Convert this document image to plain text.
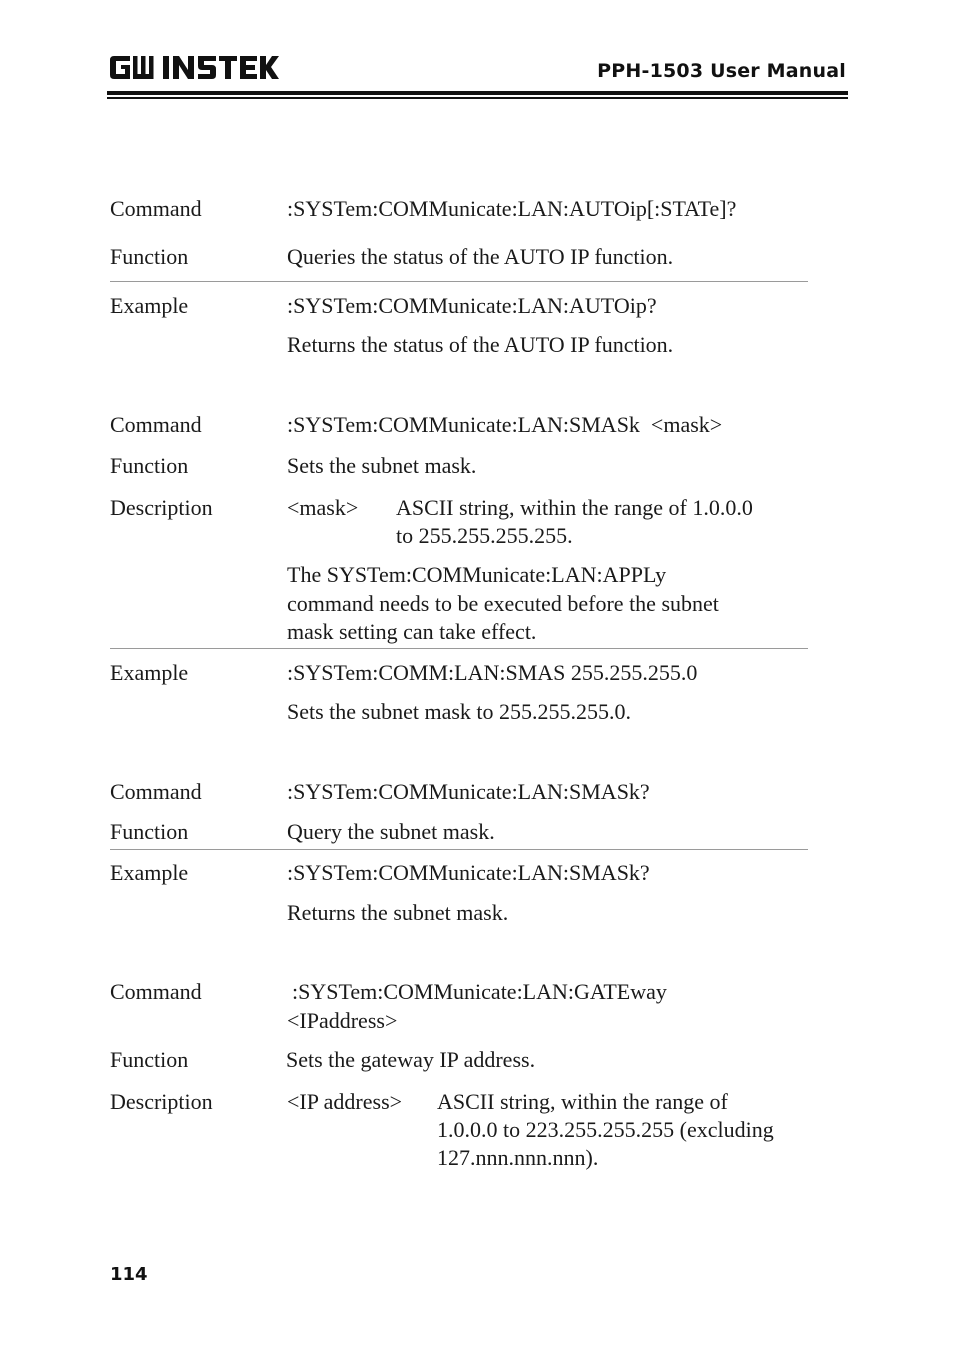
PPH-1503 User Manual
Command	:SYSTem:COMMunicate:LAN:AUTOip[:STATe]?
Function	Queries the status of the AUTO IP function.
Example	:SYSTem:COMMunicate:LAN:AUTOip?
Returns the status of the AUTO IP function.
Command	:SYSTem:COMMunicate:LAN:SMASk  <mask>
Function	Sets the subnet mask.
Description	<mask> ASCII string, within the range of 1.0.0.0
to 255.255.255.255.
The SYSTem:COMMunicate:LAN:APPLy
command needs to be executed before the subnet
mask setting can take effect.
Example	:SYSTem:COMM:LAN:SMAS 255.255.255.0
Sets the subnet mask to 255.255.255.0.
Command	:SYSTem:COMMunicate:LAN:SMASk?
Function	Query the subnet mask.
Example	:SYSTem:COMMunicate:LAN:SMASk?
Returns the subnet mask.
Command	:SYSTem:COMMunicate:LAN:GATEway
<IPaddress>
Function	Sets the gateway IP address.
Description	<IP address> ASCII string, within the range of
1.0.0.0 to 223.255.255.255 (excluding
127.nnn.nnn.nnn).
114
